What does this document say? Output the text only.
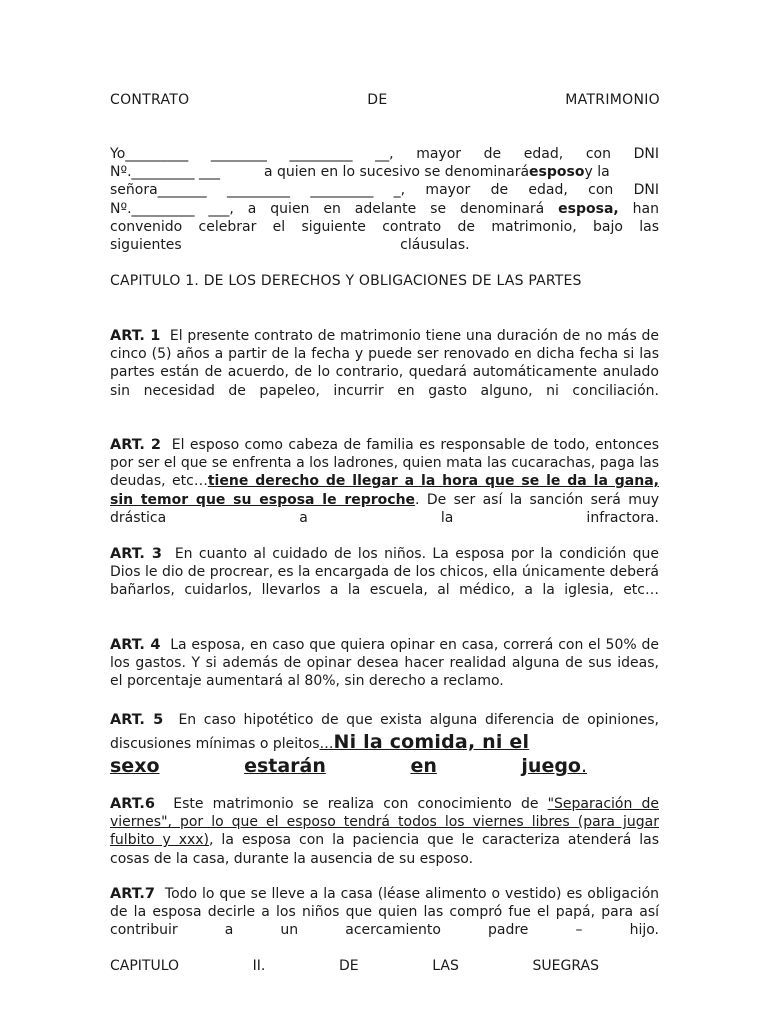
CONTRATO	DE	MATRIMONIO
Yo_________ ________ _________ __, mayor de edad, con DNI
Nº._________ ___	a quien en lo sucesivo se denominará esposo y la
señora_______ _________ _________ _, mayor de edad, con DNI
Nº._________ ___, a quien en adelante se denominará esposa, han
convenido celebrar el siguiente contrato de matrimonio, bajo las
siguientes cláusulas.
CAPITULO 1. DE LOS DERECHOS Y OBLIGACIONES DE LAS PARTES
ART. 1 El presente contrato de matrimonio tiene una duración de no más de cinco (5) años a partir de la fecha y puede ser renovado en dicha fecha si las partes están de acuerdo, de lo contrario, quedará automáticamente anulado sin necesidad de papeleo, incurrir en gasto alguno, ni conciliación.
ART. 2 El esposo como cabeza de familia es responsable de todo, entonces por ser el que se enfrenta a los ladrones, quien mata las cucarachas, paga las deudas, etc…tiene derecho de llegar a la hora que se le da la gana, sin temor que su esposa le reproche. De ser así la sanción será muy drástica a la infractora.
ART. 3 En cuanto al cuidado de los niños. La esposa por la condición que Dios le dio de procrear, es la encargada de los chicos, ella únicamente deberá bañarlos, cuidarlos, llevarlos a la escuela, al médico, a la iglesia, etc…
ART. 4 La esposa, en caso que quiera opinar en casa, correrá con el 50% de los gastos. Y si además de opinar desea hacer realidad alguna de sus ideas, el porcentaje aumentará al 80%, sin derecho a reclamo.
ART. 5 En caso hipotético de que exista alguna diferencia de opiniones, discusiones mínimas o pleitos…Ni la comida, ni el
sexo	estarán	en	juego .
ART.6 Este matrimonio se realiza con conocimiento de "Separación de viernes", por lo que el esposo tendrá todos los viernes libres (para jugar fulbito y xxx), la esposa con la paciencia que le caracteriza atenderá las cosas de la casa, durante la ausencia de su esposo.
ART.7 Todo lo que se lleve a la casa (léase alimento o vestido) es obligación de la esposa decirle a los niños que quien las compró fue el papá, para así contribuir a un acercamiento padre – hijo.
CAPITULO	II.	DE	LAS	SUEGRAS
